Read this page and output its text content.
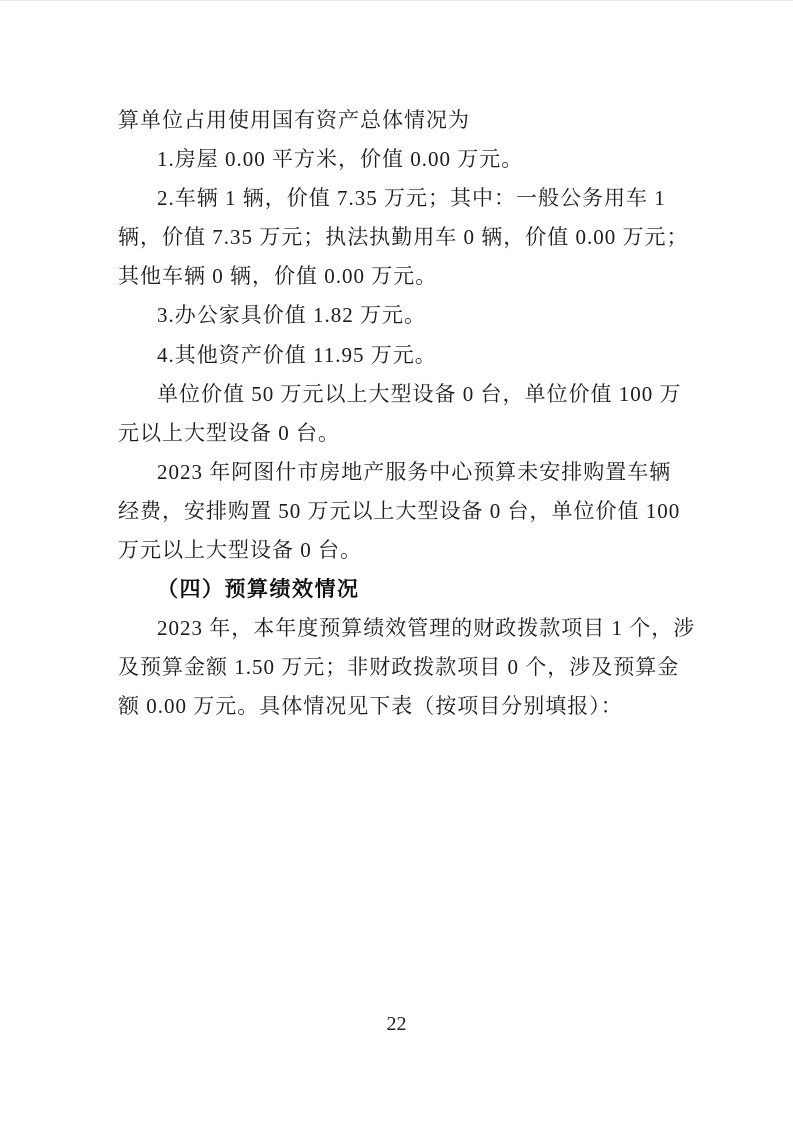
算单位占用使用国有资产总体情况为
1.房屋 0.00 平方米，价值 0.00 万元。
2.车辆 1 辆，价值 7.35 万元；其中：一般公务用车 1
辆，价值 7.35 万元；执法执勤用车 0 辆，价值 0.00 万元；
其他车辆 0 辆，价值 0.00 万元。
3.办公家具价值 1.82 万元。
4.其他资产价值 11.95 万元。
单位价值 50 万元以上大型设备 0 台，单位价值 100 万
元以上大型设备 0 台。
2023 年阿图什市房地产服务中心预算未安排购置车辆
经费，安排购置 50 万元以上大型设备 0 台，单位价值 100
万元以上大型设备 0 台。
（四）预算绩效情况
2023 年，本年度预算绩效管理的财政拨款项目 1 个，涉
及预算金额 1.50 万元；非财政拨款项目 0 个，涉及预算金
额 0.00 万元。具体情况见下表（按项目分别填报）：
22
